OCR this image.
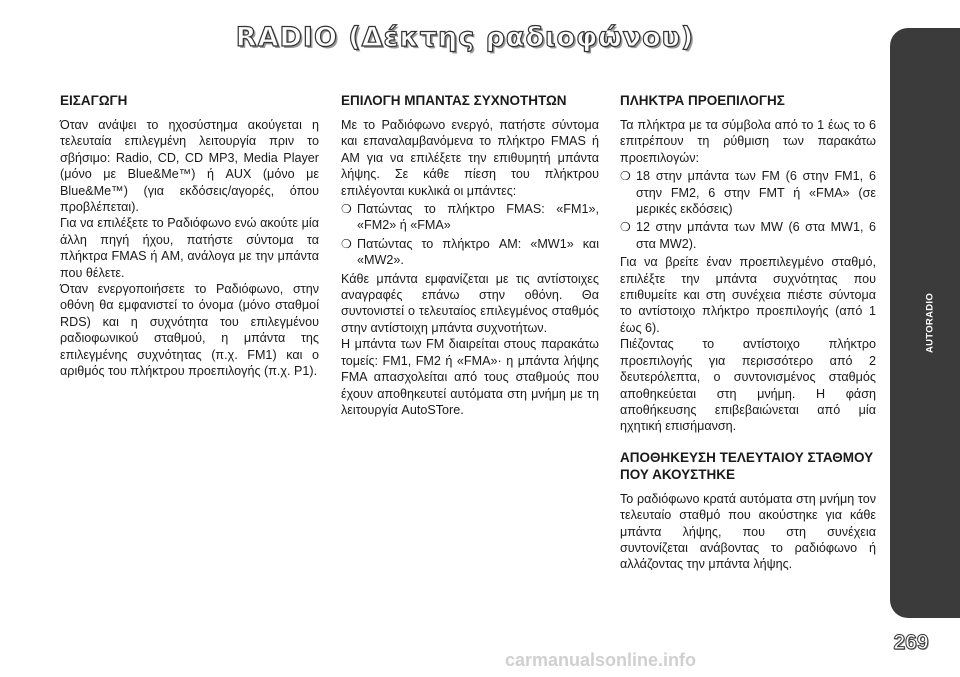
RADIO (Δέκτης ραδιοφώνου)
ΕΙΣΑΓΩΓΗ

Όταν ανάψει το ηχοσύστημα ακούγεται η τελευταία επιλεγμένη λειτουργία πριν το σβήσιμο: Radio, CD, CD MP3, Media Player (μόνο με Blue&Me™) ή AUX (μόνο με Blue&Me™) (για εκδόσεις/αγορές, όπου προβλέπεται).

Για να επιλέξετε το Ραδιόφωνο ενώ ακούτε μία άλλη πηγή ήχου, πατήστε σύντομα τα πλήκτρα FMAS ή AM, ανάλογα με την μπάντα που θέλετε.

Όταν ενεργοποιήσετε το Ραδιόφωνο, στην οθόνη θα εμφανιστεί το όνομα (μόνο σταθμοί RDS) και η συχνότητα του επιλεγμένου ραδιοφωνικού σταθμού, η μπάντα της επιλεγμένης συχνότητας (π.χ. FM1) και ο αριθμός του πλήκτρου προεπιλογής (π.χ. P1).

ΕΠΙΛΟΓΗ ΜΠΑΝΤΑΣ ΣΥΧΝΟΤΗΤΩΝ

Με το Ραδιόφωνο ενεργό, πατήστε σύντομα και επαναλαμβανόμενα το πλήκτρο FMAS ή AM για να επιλέξετε την επιθυμητή μπάντα λήψης. Σε κάθε πίεση του πλήκτρου επιλέγονται κυκλικά οι μπάντες:

❍ Πατώντας το πλήκτρο FMAS: «FM1», «FM2» ή «FMA»
❍ Πατώντας το πλήκτρο AM: «MW1» και «MW2».

Κάθε μπάντα εμφανίζεται με τις αντίστοιχες αναγραφές επάνω στην οθόνη. Θα συντονιστεί ο τελευταίος επιλεγμένος σταθμός στην αντίστοιχη μπάντα συχνοτήτων.

Η μπάντα των FM διαιρείται στους παρακάτω τομείς: FM1, FM2 ή «FMA»· η μπάντα λήψης FMA απασχολείται από τους σταθμούς που έχουν αποθηκευτεί αυτόματα στη μνήμη με τη λειτουργία AutoSTore.

ΠΛΗΚΤΡΑ ΠΡΟΕΠΙΛΟΓΗΣ

Τα πλήκτρα με τα σύμβολα από το 1 έως το 6 επιτρέπουν τη ρύθμιση των παρακάτω προεπιλογών:

❍ 18 στην μπάντα των FM (6 στην FM1, 6 στην FM2, 6 στην FMT ή «FMA» (σε μερικές εκδόσεις)
❍ 12 στην μπάντα των MW (6 στα MW1, 6 στα MW2).

Για να βρείτε έναν προεπιλεγμένο σταθμό, επιλέξτε την μπάντα συχνότητας που επιθυμείτε και στη συνέχεια πιέστε σύντομα το αντίστοιχο πλήκτρο προεπιλογής (από 1 έως 6).

Πιέζοντας το αντίστοιχο πλήκτρο προεπιλογής για περισσότερο από 2 δευτερόλεπτα, ο συντονισμένος σταθμός αποθηκεύεται στη μνήμη. Η φάση αποθήκευσης επιβεβαιώνεται από μία ηχητική επισήμανση.

ΑΠΟΘΗΚΕΥΣΗ ΤΕΛΕΥΤΑΙΟΥ ΣΤΑΘΜΟΥ ΠΟΥ ΑΚΟΥΣΤΗΚΕ

Το ραδιόφωνο κρατά αυτόματα στη μνήμη τον τελευταίο σταθμό που ακούστηκε για κάθε μπάντα λήψης, που στη συνέχεια συντονίζεται ανάβοντας το ραδιόφωνο ή αλλάζοντας την μπάντα λήψης.

AUTORADIO
269
carmanualsonline.info
